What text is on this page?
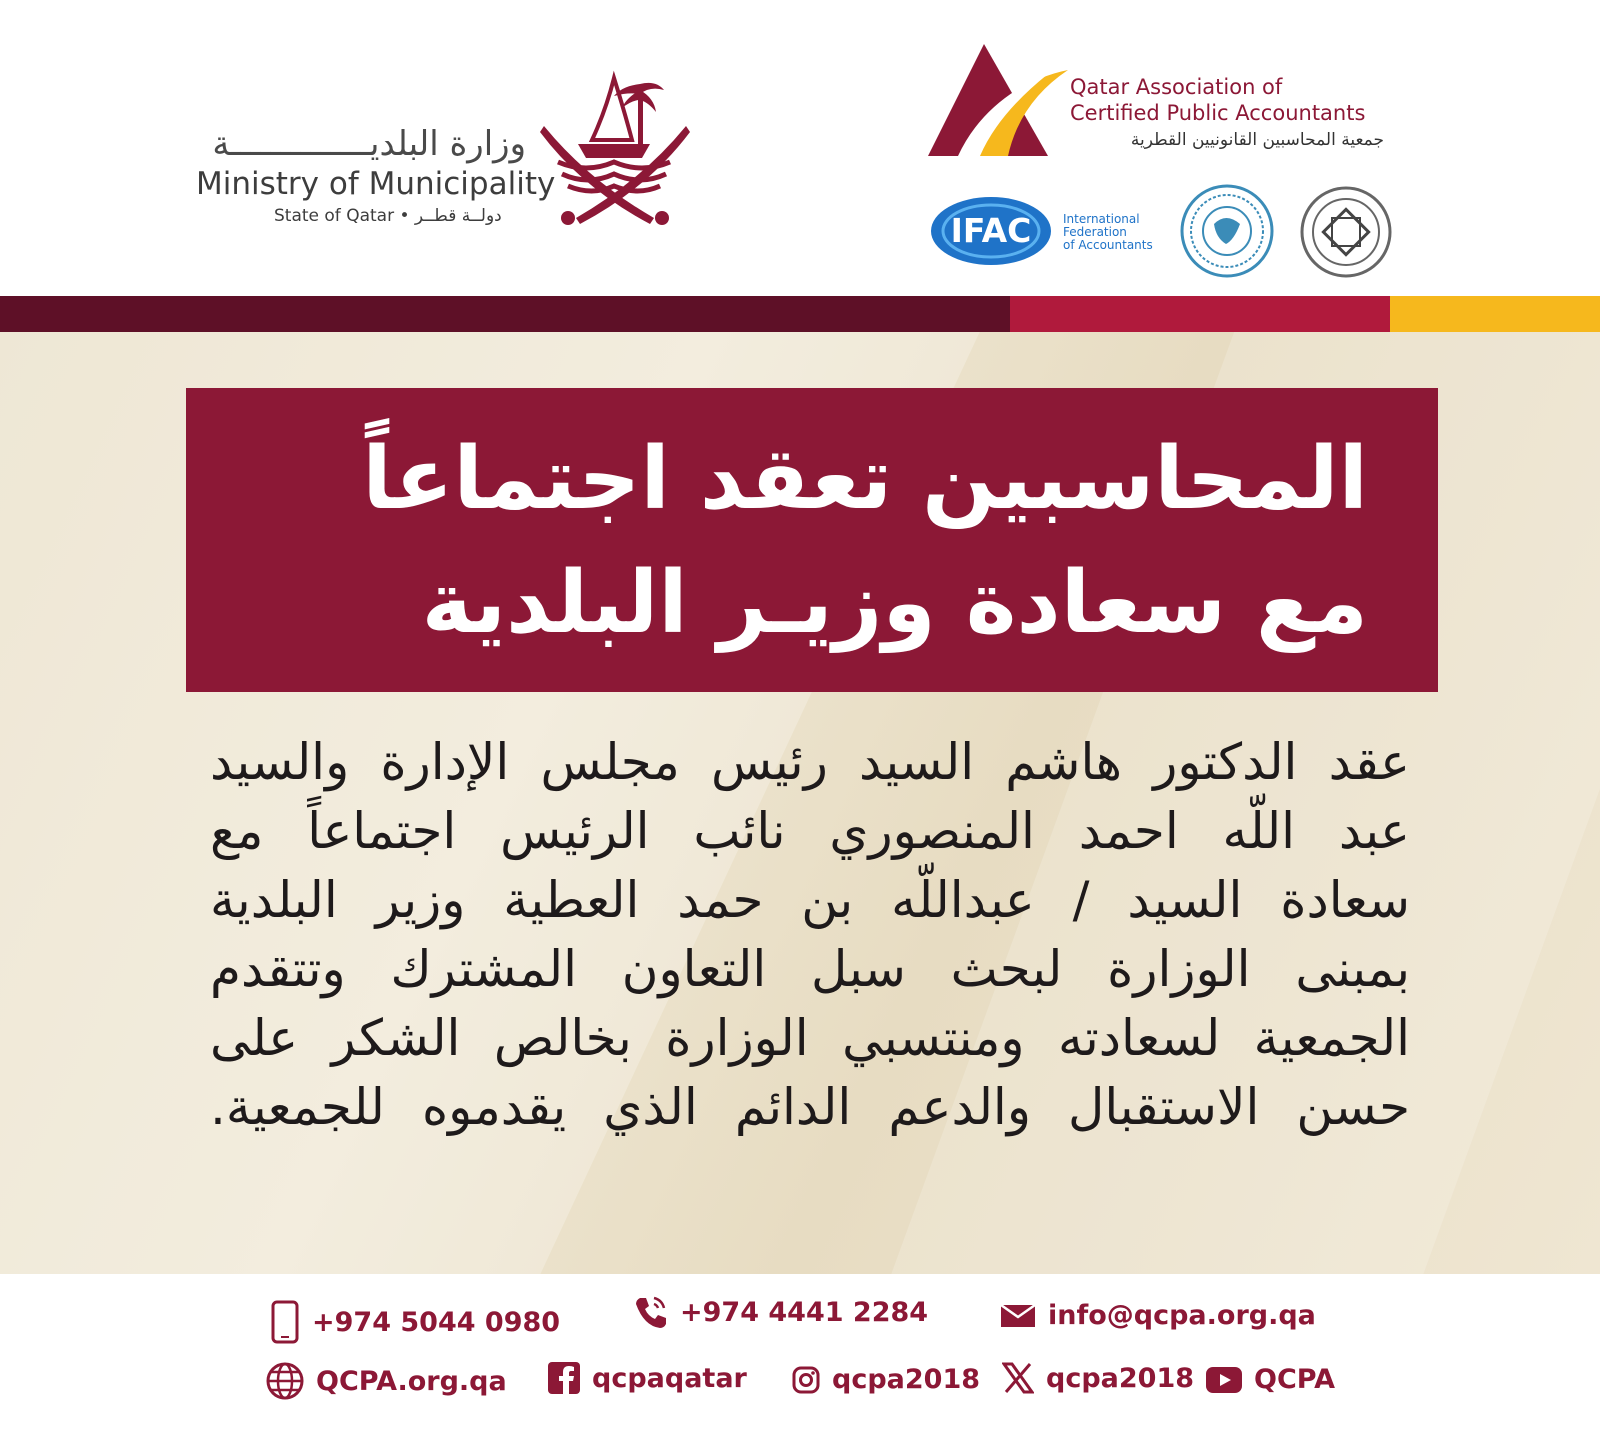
وزارة البلديــــــــــــــة
Ministry of Municipality
State of Qatar • دولــة قطــر
Qatar Association of
Certified Public Accountants
جمعية المحاسبين القانونيين القطرية
IFAC	International
Federation
of Accountants
المحاسبين تعقد اجتماعاً
مع سعادة وزيـر البلدية
عقد الدكتور هاشم السيد رئيس مجلس الإدارة والسيد
عبد اللّه احمد المنصوري نائب الرئيس اجتماعاً مع
سعادة السيد / عبداللّه بن حمد العطية وزير البلدية
بمبنى الوزارة لبحث سبل التعاون المشترك وتتقدم
الجمعية لسعادته ومنتسبي الوزارة بخالص الشكر على
حسن الاستقبال والدعم الدائم الذي يقدموه للجمعية.
+974 5044 0980	+974 4441 2284	info@qcpa.org.qa
QCPA.org.qa	qcpaqatar	qcpa2018 qcpa2018 QCPA
